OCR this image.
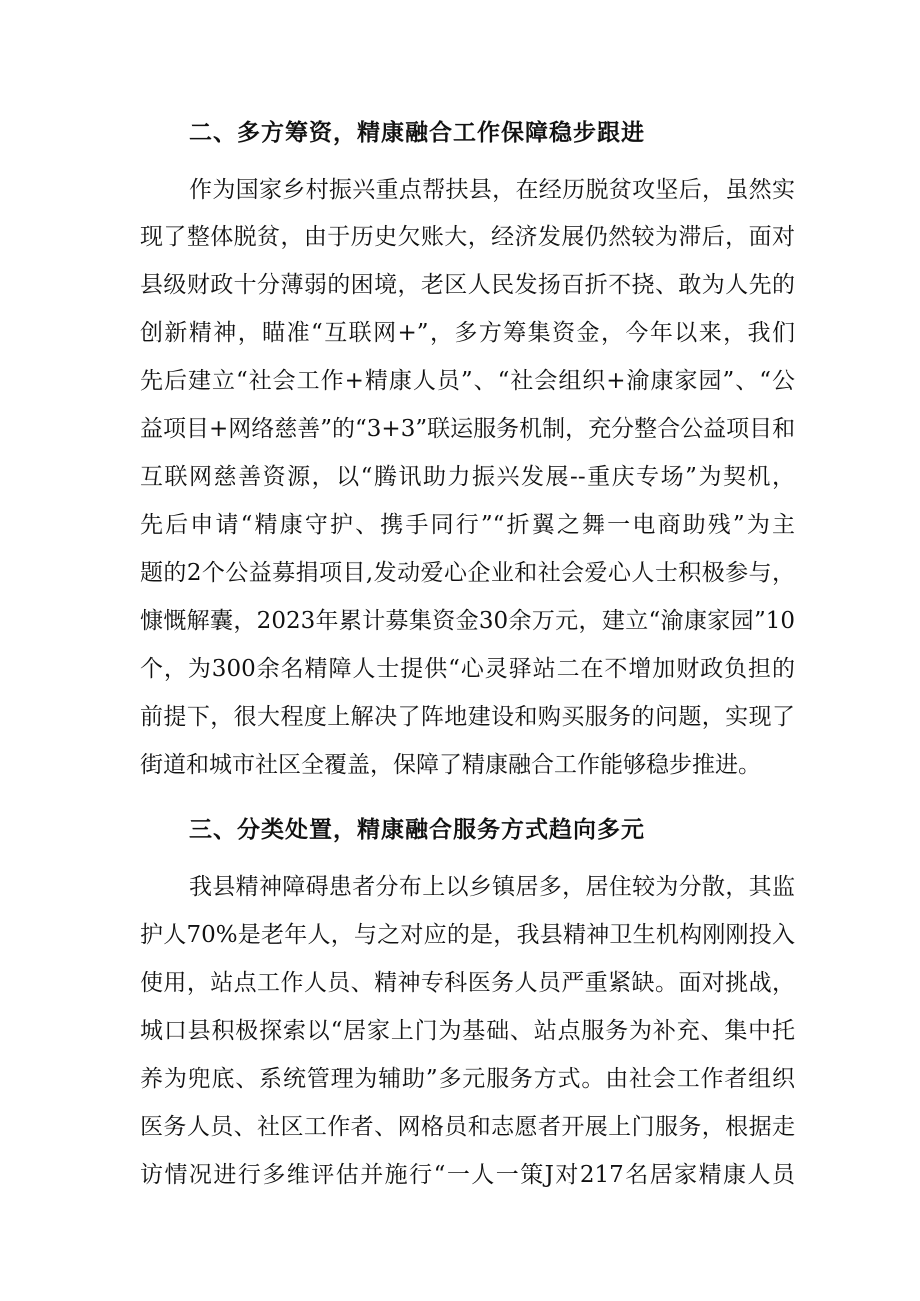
二、多方筹资，精康融合工作保障稳步跟进
作为国家乡村振兴重点帮扶县，在经历脱贫攻坚后，虽然实
现了整体脱贫，由于历史欠账大，经济发展仍然较为滞后，面对
县级财政十分薄弱的困境，老区人民发扬百折不挠、敢为人先的
创新精神，瞄准“互联网+”，多方筹集资金，今年以来，我们
先后建立“社会工作+精康人员”、“社会组织+渝康家园”、“公
益项目+网络慈善”的“3+3”联运服务机制，充分整合公益项目和
互联网慈善资源，以“腾讯助力振兴发展--重庆专场”为契机，
先后申请“精康守护、携手同行”“折翼之舞一电商助残”为主
题的2个公益募捐项目,发动爱心企业和社会爱心人士积极参与，
慷慨解囊，2023年累计募集资金30余万元，建立“渝康家园”10
个，为300余名精障人士提供“心灵驿站二在不增加财政负担的
前提下，很大程度上解决了阵地建设和购买服务的问题，实现了
街道和城市社区全覆盖，保障了精康融合工作能够稳步推进。
三、分类处置，精康融合服务方式趋向多元
我县精神障碍患者分布上以乡镇居多，居住较为分散，其监
护人70%是老年人，与之对应的是，我县精神卫生机构刚刚投入
使用，站点工作人员、精神专科医务人员严重紧缺。面对挑战，
城口县积极探索以“居家上门为基础、站点服务为补充、集中托
养为兜底、系统管理为辅助”多元服务方式。由社会工作者组织
医务人员、社区工作者、网格员和志愿者开展上门服务，根据走
访情况进行多维评估并施行“一人一策J对217名居家精康人员
